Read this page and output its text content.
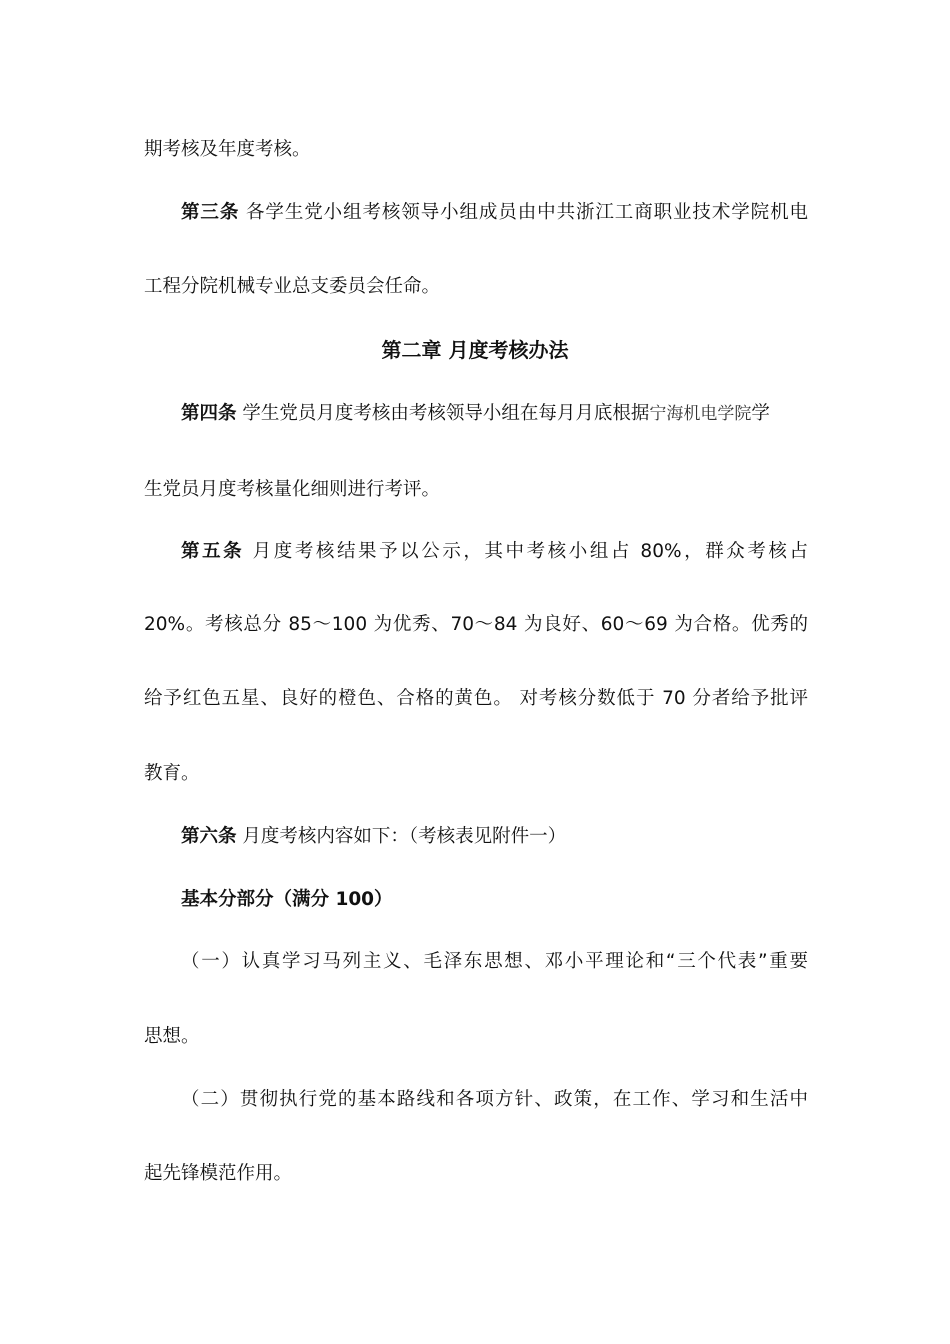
期考核及年度考核。
第三条 各学生党小组考核领导小组成员由中共浙江工商职业技术学院机电
工程分院机械专业总支委员会任命。
第二章 月度考核办法
第四条 学生党员月度考核由考核领导小组在每月月底根据宁海机电学院学
生党员月度考核量化细则进行考评。
第五条 月度考核结果予以公示，其中考核小组占 80%，群众考核占
20%。考核总分 85～100 为优秀、70～84 为良好、60～69 为合格。优秀的
给予红色五星、良好的橙色、合格的黄色。 对考核分数低于 70 分者给予批评
教育。
第六条 月度考核内容如下：（考核表见附件一）
基本分部分（满分 100）
（一）认真学习马列主义、毛泽东思想、邓小平理论和“三个代表”重要
思想。
（二）贯彻执行党的基本路线和各项方针、政策，在工作、学习和生活中
起先锋模范作用。
